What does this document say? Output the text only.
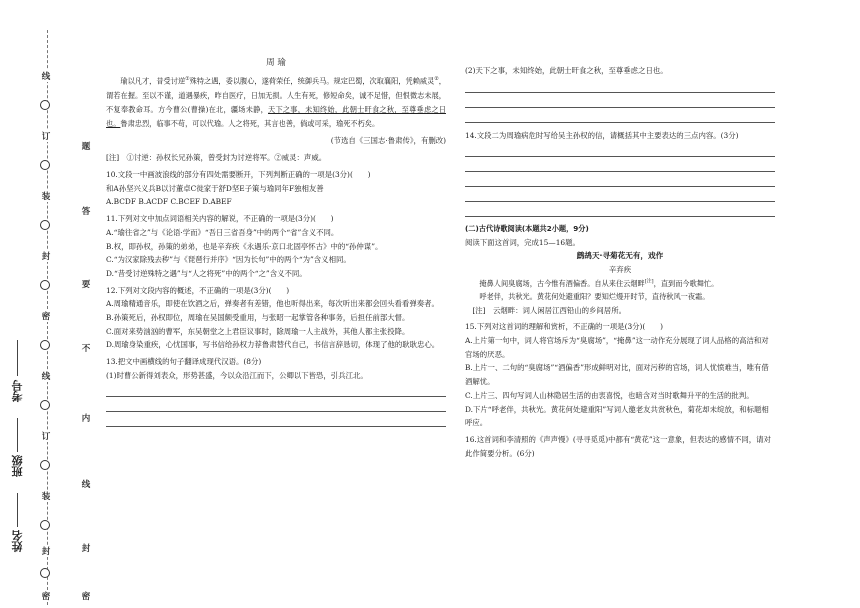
线
订
装
封
密
线
订
装
封
密
题
答
要
不
内
线
封
密
考号
班级
姓名
周 瑜
瑜以凡才，昔受讨逆①殊特之遇，委以腹心，遂荷荣任，统御兵马。规定巴蜀，次取襄阳，凭赖威灵②，谓若在握。至以不谨，道遇暴疾，昨自医疗，日加无损。人生有死，修短命矣，诚不足惜，但恨微志未展，不复奉教命耳。方今曹公(曹操)在北，疆场未静，天下之事，未知终始，此朝士旰食之秋，至尊垂虑之日也。鲁肃忠烈，临事不苟，可以代瑜。人之将死，其言也善，倘或可采，瑜死不朽矣。
(节选自《三国志·鲁肃传》，有删改)
[注]　①讨逆：孙权长兄孙策，曾受封为讨逆将军。②威灵：声威。
10.文段一中画波浪线的部分有四处需要断开，下列判断正确的一项是(3分)(　　)
和A孙坚兴义兵B以讨董卓C徙家于舒D坚E子策与瑜同年F独相友善
A.BCDF B.ACDF C.BCEF D.ABEF
11.下列对文中加点词语相关内容的解说，不正确的一项是(3分)(　　)
A.“瑜往省之”与《论语·学而》“吾日三省吾身”中的两个“省”含义不同。
B.权，即孙权，孙策的弟弟，也是辛弃疾《永遇乐·京口北固亭怀古》中的“孙仲谋”。
C.“为汉家除残去秽”与《琵琶行并序》“因为长句”中的两个“为”含义相同。
D.“昔受讨逆殊特之遇”与“人之将死”中的两个“之”含义不同。
12.下列对文段内容的概述，不正确的一项是(3分)(　　)
A.周瑜精通音乐，即使在饮酒之后，弹奏者有差错，他也听得出来，每次听出来都会回头看看弹奏者。
B.孙策死后，孙权即位，周瑜在吴国颇受重用，与张昭一起掌管各种事务，后担任前部大督。
C.面对来势汹汹的曹军，东吴朝堂之上君臣议事时，除周瑜一人主战外，其他人都主张投降。
D.周瑜身染重疾，心忧国事，写书信给孙权力荐鲁肃替代自己，书信言辞恳切，体现了他的耿耿忠心。
13.把文中画横线的句子翻译成现代汉语。(8分)
(1)时曹公新得刘表众，形势甚盛，今以众沿江而下，公卿以下皆恐，引兵江北。
(2)天下之事，未知终始，此朝士旰食之秋，至尊垂虑之日也。
14.文段二为周瑜病危时写给吴主孙权的信，请概括其中主要表达的三点内容。(3分)
(二)古代诗歌阅读(本题共2小题，9分)
阅读下面这首词，完成15—16题。
鹧鸪天·寻菊花无有，戏作
辛弃疾
掩鼻人间臭腐场，古今惟有酒偏香。自从来住云烟畔[注]，直到而今歌舞忙。
呼老伴，共秋光。黄花何处避重阳？要知烂熳开时节，直待秋风一夜霜。
[注]　云烟畔：词人闲居江西铅山的乡间居所。
15.下列对这首词的理解和赏析，不正确的一项是(3分)(　　)
A.上片第一句中，词人将官场斥为“臭腐场”，“掩鼻”这一动作充分展现了词人品格的高洁和对官场的厌恶。
B.上片一、二句的“臭腐场”“酒偏香”形成鲜明对比，面对污秽的官场，词人忧愤难当，唯有借酒解忧。
C.上片三、四句写词人山林隐居生活的由衷喜悦，也暗含对当时歌舞升平的生活的批判。
D.下片“呼老伴，共秋光。黄花何处避重阳”写词人邀老友共赏秋色，菊花却未绽放，和标题相呼应。
16.这首词和李清照的《声声慢》(寻寻觅觅)中都有“黄花”这一意象，但表达的感情不同，请对此作简要分析。(6分)
